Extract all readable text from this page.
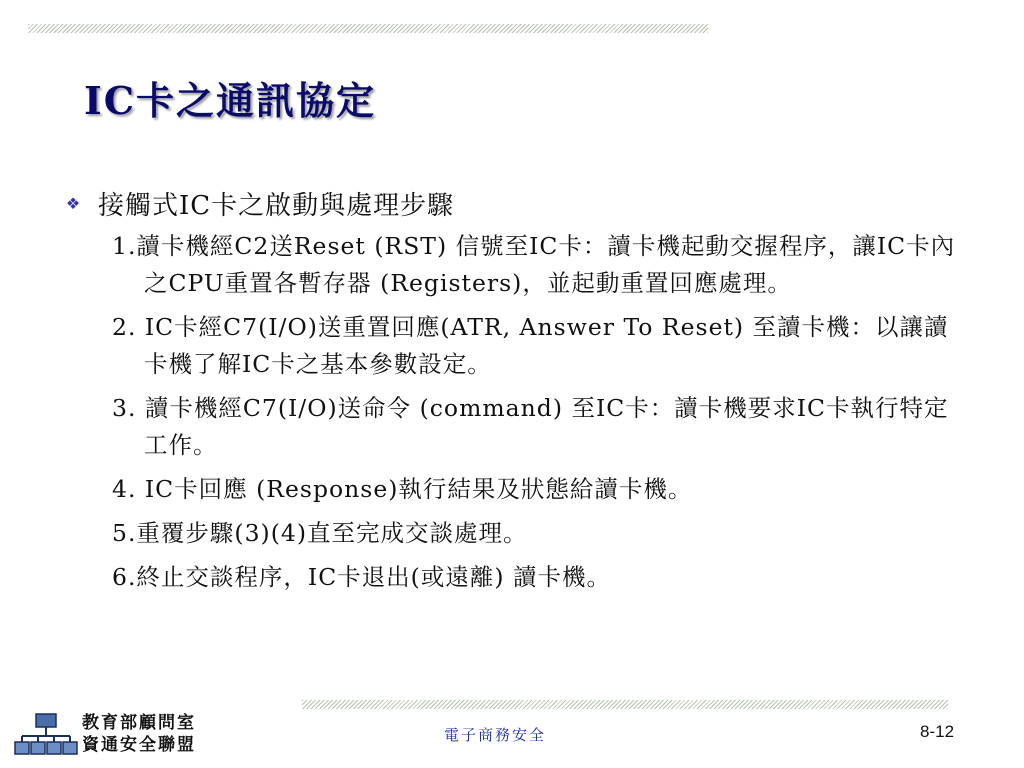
IC卡之通訊協定
❖ 接觸式IC卡之啟動與處理步驟
1.讀卡機經C2送Reset (RST) 信號至IC卡：讀卡機起動交握程序，讓IC卡內之CPU重置各暫存器 (Registers)，並起動重置回應處理。
2. IC卡經C7(I/O)送重置回應(ATR, Answer To Reset) 至讀卡機：以讓讀卡機了解IC卡之基本參數設定。
3. 讀卡機經C7(I/O)送命令 (command) 至IC卡：讀卡機要求IC卡執行特定工作。
4. IC卡回應 (Response)執行結果及狀態給讀卡機。
5.重覆步驟(3)(4)直至完成交談處理。
6.終止交談程序，IC卡退出(或遠離) 讀卡機。
教育部顧問室
資通安全聯盟	電子商務安全	8-12
